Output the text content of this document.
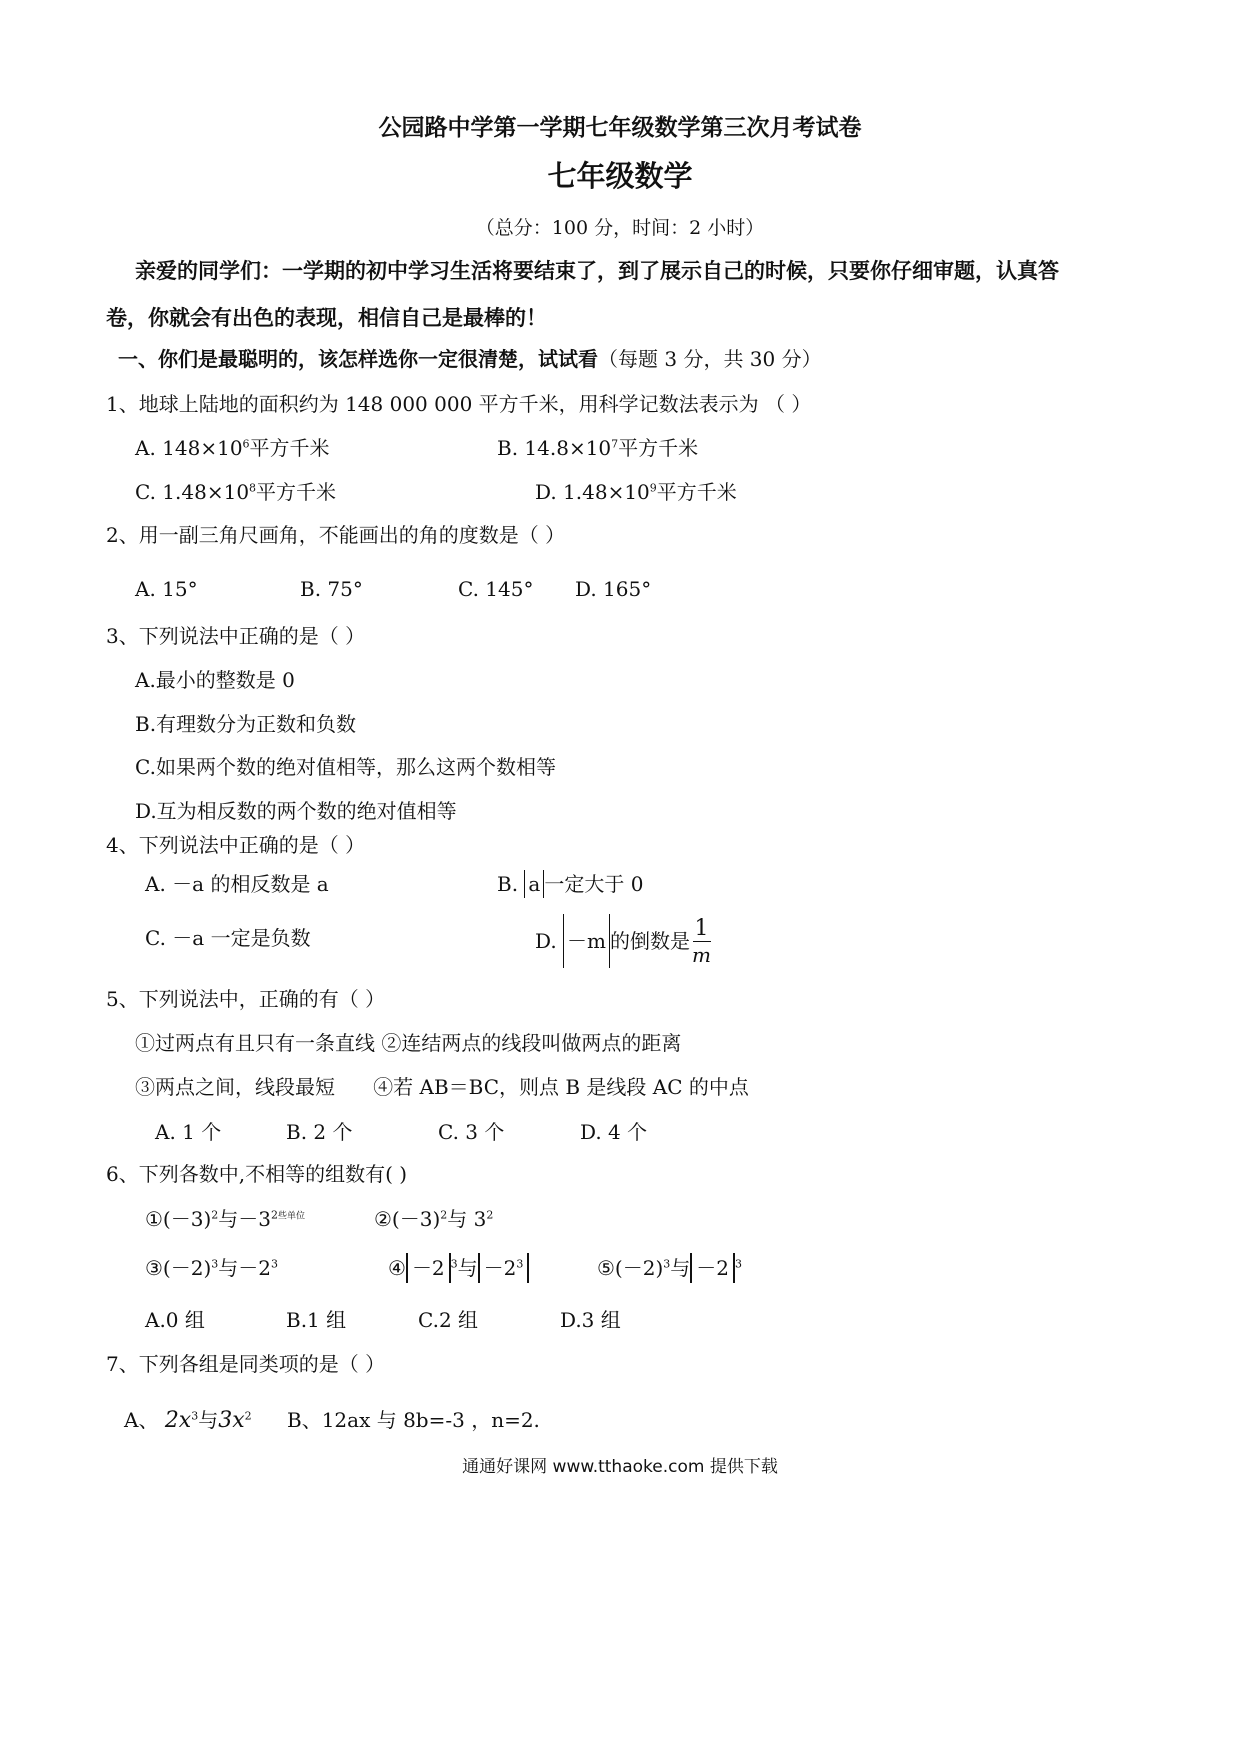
公园路中学第一学期七年级数学第三次月考试卷
七年级数学
（总分：100 分，时间：2 小时）
亲爱的同学们：一学期的初中学习生活将要结束了，到了展示自己的时候，只要你仔细审题，认真答
卷，你就会有出色的表现，相信自己是最棒的！
一、你们是最聪明的，该怎样选你一定很清楚，试试看（每题 3 分，共 30 分）
1、地球上陆地的面积约为 148 000 000 平方千米，用科学记数法表示为 （ ）
A. $148\times 10^6$平方千米	B. $14.8\times 10^7$平方千米
C. $1.48\times 10^8$平方千米	D. $1.48\times 10^9$平方千米
2、用一副三角尺画角，不能画出的角的度数是（ ）
A. 15°	B. 75°	C. 145° D. 165°
3、下列说法中正确的是（ ）
A.最小的整数是 0
B.有理数分为正数和负数
C.如果两个数的绝对值相等，那么这两个数相等
D.互为相反数的两个数的绝对值相等
4、下列说法中正确的是（ ）
A. －a 的相反数是 a	B. a 一定大于 0
C. －a 一定是负数	D. －m 的倒数是 $\frac{1}{m}$
5、下列说法中，正确的有（ ）
①过两点有且只有一条直线 ②连结两点的线段叫做两点的距离
③两点之间，线段最短      ④若 AB＝BC，则点 B 是线段 AC 的中点
A. 1 个	B. 2 个	C. 3 个	D. 4 个
6、下列各数中,不相等的组数有( )
$①(-3)^2$与$-3^{2些单位}$	$②(-3)^2$与 $3^2$
$③(-2)^3$与$-2^3$	④ －2 $^3$与 $-2^3$	$⑤(-2)^3$与 －2 $^3$
A.0 组	B.1 组	C.2 组	D.3 组
7、下列各组是同类项的是（ ）
A、 $2x^3$与$3x^2$ B、12ax 与 8b=-3 ，n=2.
通通好课网 www.tthaoke.com 提供下载
